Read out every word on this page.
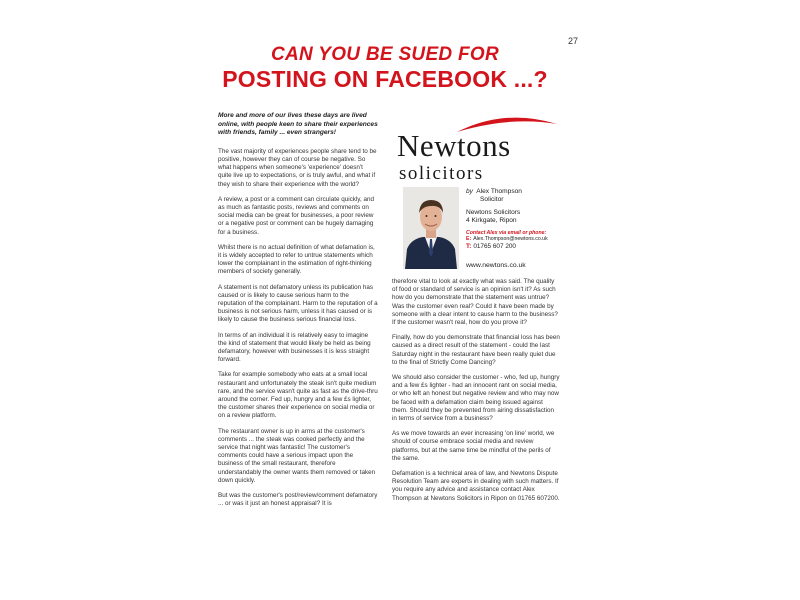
27
CAN YOU BE SUED FOR
POSTING ON FACEBOOK ...?

More and more of our lives these days are lived online, with people keen to share their experiences with friends, family ... even strangers!

The vast majority of experiences people share tend to be positive, however they can of course be negative. So what happens when someone's 'experience' doesn't quite live up to expectations, or is truly awful, and what if they wish to share their experience with the world?

A review, a post or a comment can circulate quickly, and as much as fantastic posts, reviews and comments on social media can be great for businesses, a poor review or a negative post or comment can be hugely damaging for a business.

Whilst there is no actual definition of what defamation is, it is widely accepted to refer to untrue statements which lower the complainant in the estimation of right-thinking members of society generally.

A statement is not defamatory unless its publication has caused or is likely to cause serious harm to the reputation of the complainant. Harm to the reputation of a business is not serious harm, unless it has caused or is likely to cause the business serious financial loss.

In terms of an individual it is relatively easy to imagine the kind of statement that would likely be held as being defamatory, however with businesses it is less straight forward.

Take for example somebody who eats at a small local restaurant and unfortunately the steak isn't quite medium rare, and the service wasn't quite as fast as the drive-thru around the corner. Fed up, hungry and a few £s lighter, the customer shares their experience on social media or on a review platform.

The restaurant owner is up in arms at the customer's comments ... the steak was cooked perfectly and the service that night was fantastic! The customer's comments could have a serious impact upon the business of the small restaurant, therefore understandably the owner wants them removed or taken down quickly.

But was the customer's post/review/comment defamatory ... or was it just an honest appraisal? It is

Newtons
solicitors
by Alex Thompson
Solicitor
Newtons Solicitors
4 Kirkgate, Ripon
Contact Alex via email or phone:
E: Alex.Thompson@newtons.co.uk
T: 01765 607 200
www.newtons.co.uk

therefore vital to look at exactly what was said. The quality of food or standard of service is an opinion isn't it? As such how do you demonstrate that the statement was untrue? Was the customer even real? Could it have been made by someone with a clear intent to cause harm to the business? If the customer wasn't real, how do you prove it?

Finally, how do you demonstrate that financial loss has been caused as a direct result of the statement - could the last Saturday night in the restaurant have been really quiet due to the final of Strictly Come Dancing?

We should also consider the customer - who, fed up, hungry and a few £s lighter - had an innocent rant on social media, or who left an honest but negative review and who may now be faced with a defamation claim being issued against them. Should they be prevented from airing dissatisfaction in terms of service from a business?

As we move towards an ever increasing 'on line' world, we should of course embrace social media and review platforms, but at the same time be mindful of the perils of the same.

Defamation is a technical area of law, and Newtons Dispute Resolution Team are experts in dealing with such matters. If you require any advice and assistance contact Alex Thompson at Newtons Solicitors in Ripon on 01765 607200.
